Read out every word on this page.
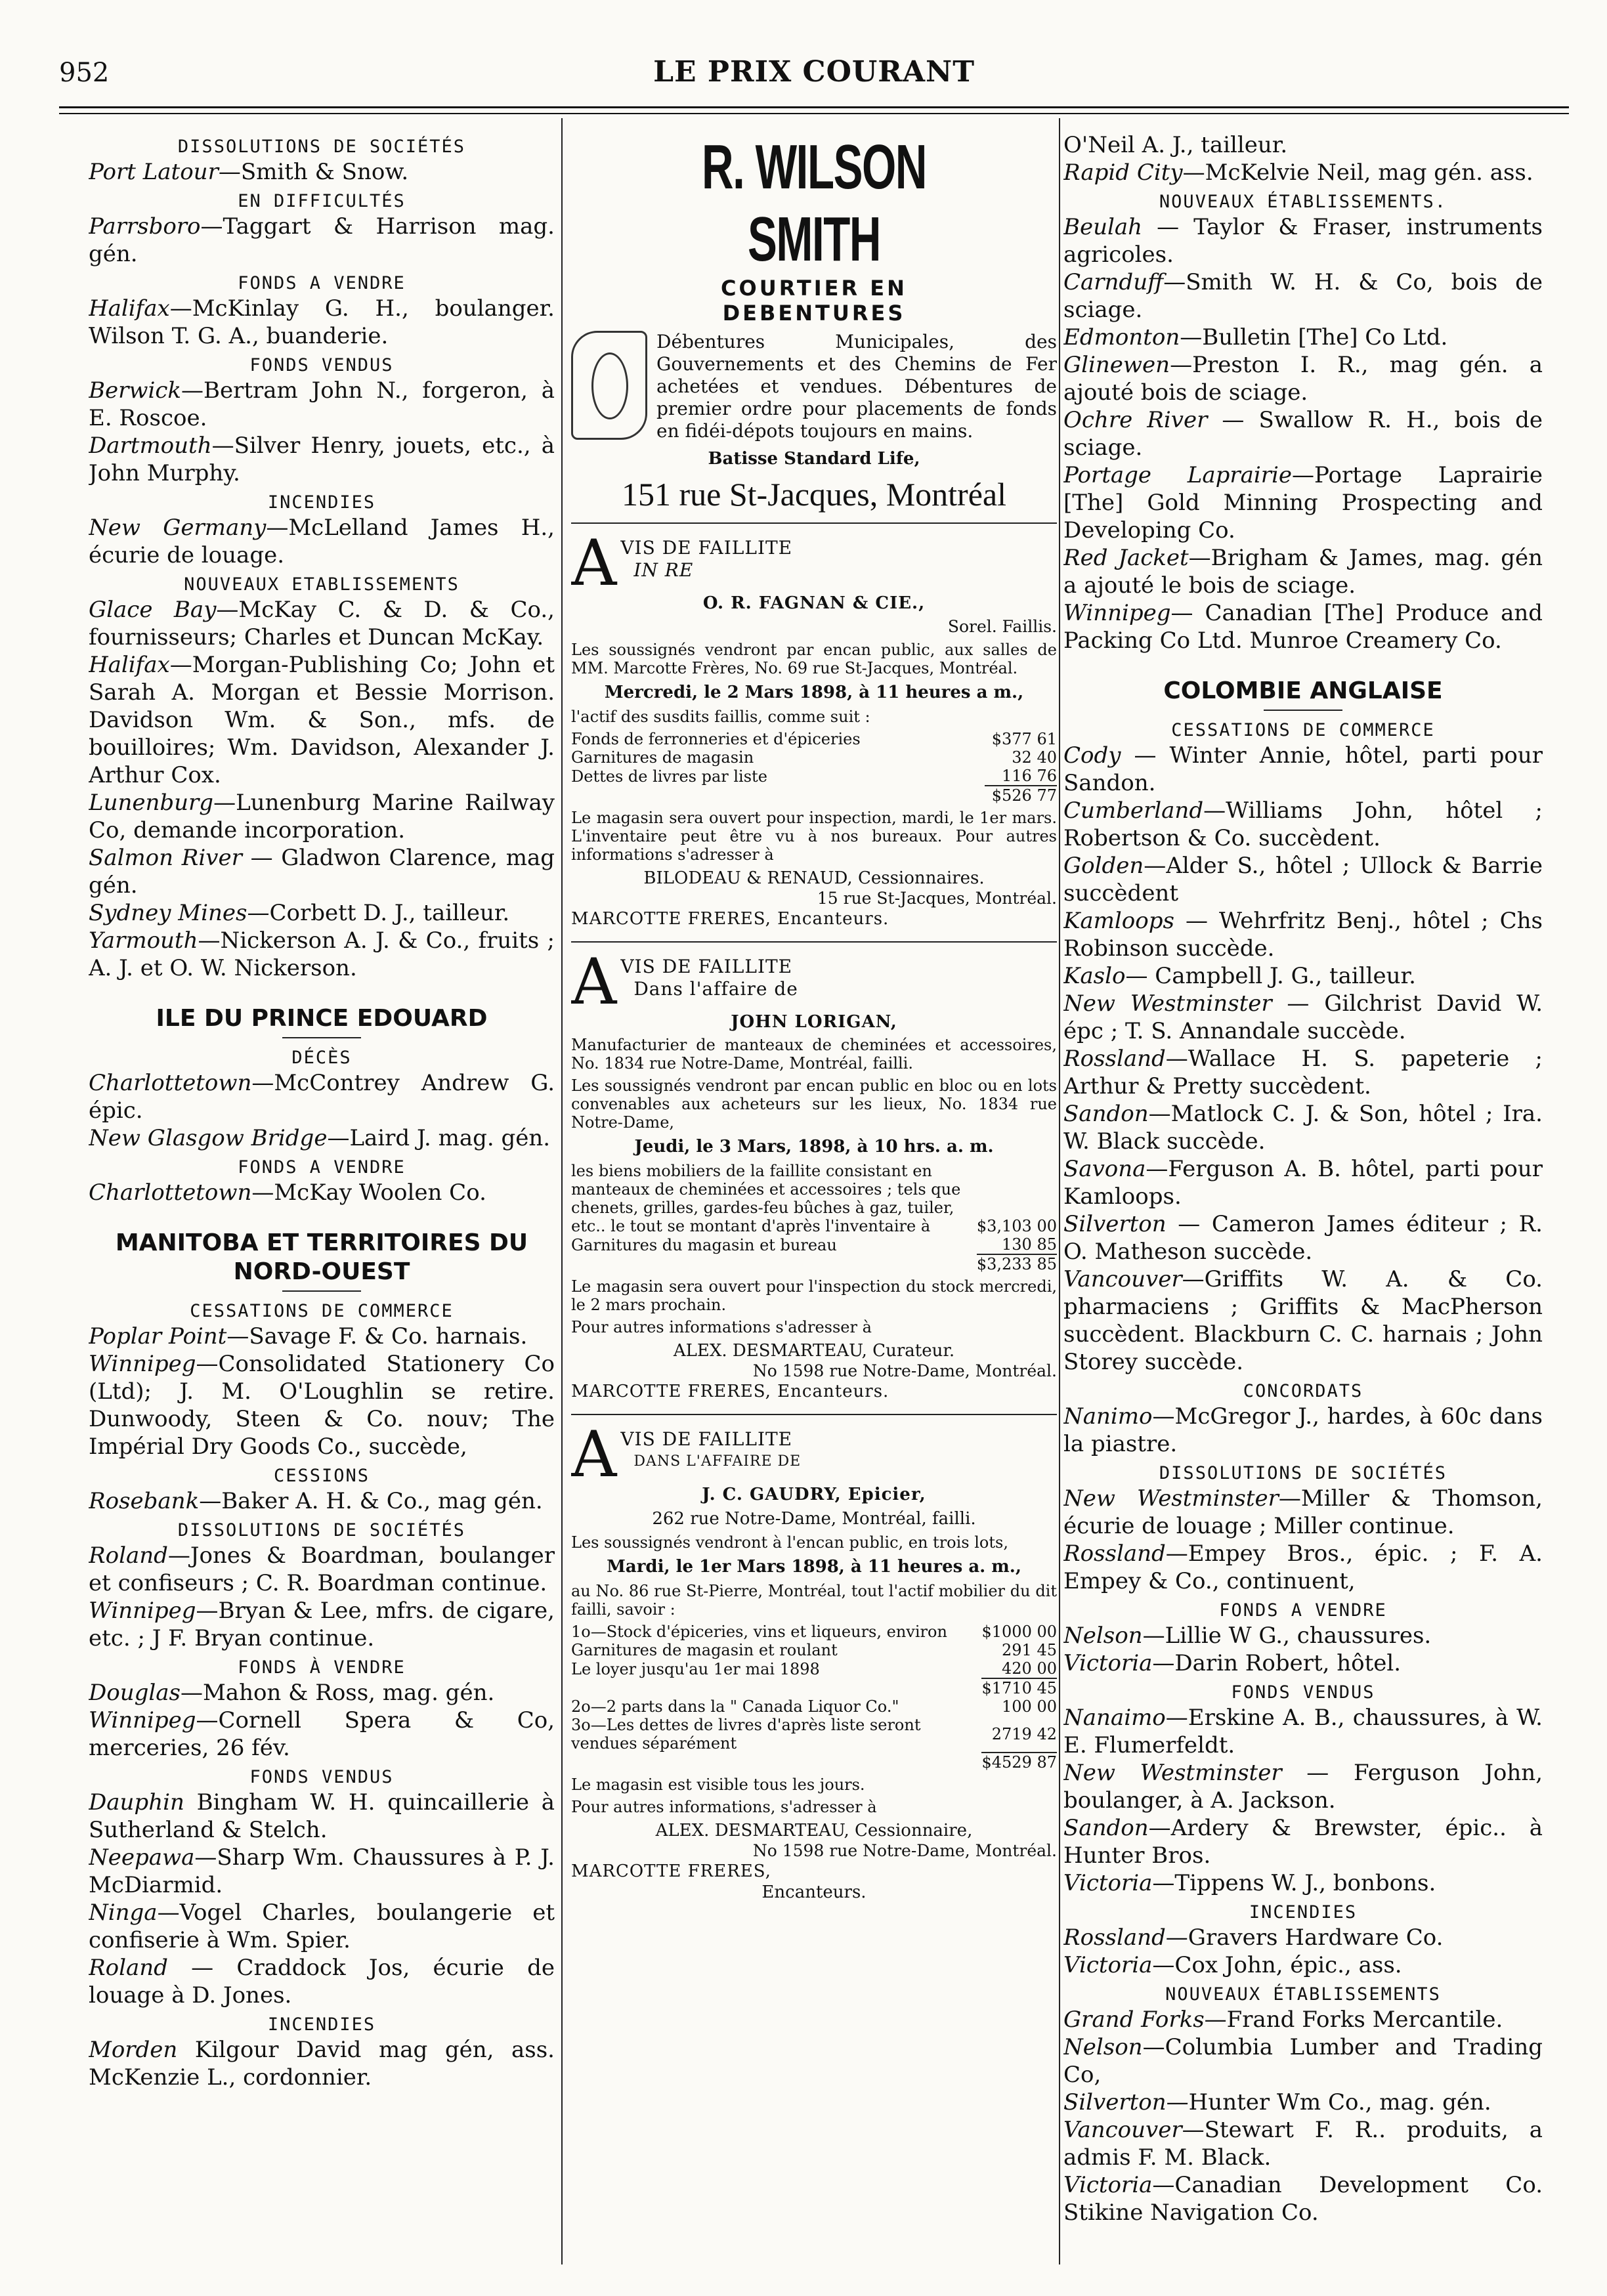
952	LE PRIX COURANT
DISSOLUTIONS DE SOCIÉTÉS
Port Latour—Smith & Snow.
EN DIFFICULTÉS
Parrsboro—Taggart & Harrison mag. gén.
FONDS A VENDRE
Halifax—McKinlay G. H., boulanger. Wilson T. G. A., buanderie.
FONDS VENDUS
Berwick—Bertram John N., forgeron, à E. Roscoe.
Dartmouth—Silver Henry, jouets, etc., à John Murphy.
INCENDIES
New Germany—McLelland James H., écurie de louage.
NOUVEAUX ETABLISSEMENTS
Glace Bay—McKay C. & D. & Co., fournisseurs; Charles et Duncan McKay.
Halifax—Morgan-Publishing Co; John et Sarah A. Morgan et Bessie Morrison. Davidson Wm. & Son., mfs. de bouilloires; Wm. Davidson, Alexander J. Arthur Cox.
Lunenburg—Lunenburg Marine Railway Co, demande incorporation.
Salmon River — Gladwon Clarence, mag gén.
Sydney Mines—Corbett D. J., tailleur.
Yarmouth—Nickerson A. J. & Co., fruits ; A. J. et O. W. Nickerson.
ILE DU PRINCE EDOUARD
DÉCÈS
Charlottetown—McContrey Andrew G. épic.
New Glasgow Bridge—Laird J. mag. gén.
FONDS A VENDRE
Charlottetown—McKay Woolen Co.
MANITOBA ET TERRITOIRES DU NORD-OUEST
CESSATIONS DE COMMERCE
Poplar Point—Savage F. & Co. harnais.
Winnipeg—Consolidated Stationery Co (Ltd); J. M. O'Loughlin se retire. Dunwoody, Steen & Co. nouv; The Impérial Dry Goods Co., succède,
CESSIONS
Rosebank—Baker A. H. & Co., mag gén.
DISSOLUTIONS DE SOCIÉTÉS
Roland—Jones & Boardman, boulanger et confiseurs ; C. R. Boardman continue.
Winnipeg—Bryan & Lee, mfrs. de cigare, etc. ; J F. Bryan continue.
FONDS À VENDRE
Douglas—Mahon & Ross, mag. gén.
Winnipeg—Cornell Spera & Co, merceries, 26 fév.
FONDS VENDUS
Dauphin Bingham W. H. quincaillerie à Sutherland & Stelch.
Neepawa—Sharp Wm. Chaussures à P. J. McDiarmid.
Ninga—Vogel Charles, boulangerie et confiserie à Wm. Spier.
Roland — Craddock Jos, écurie de louage à D. Jones.
INCENDIES
Morden Kilgour David mag gén, ass. McKenzie L., cordonnier.
R. WILSON SMITH
COURTIER EN
DEBENTURES
Débentures Municipales, des Gouvernements et des Chemins de Fer achetées et vendues. Débentures de premier ordre pour placements de fonds en fidéi-dépots toujours en mains.
Batisse Standard Life,
151 rue St-Jacques, Montréal
A VIS DE FAILLITE
IN RE
O. R. FAGNAN & CIE.,
Sorel. Faillis.
Les soussignés vendront par encan public, aux salles de MM. Marcotte Frères, No. 69 rue St-Jacques, Montréal.
Mercredi, le 2 Mars 1898, à 11 heures a m.,
l'actif des susdits faillis, comme suit :
Fonds de ferronneries et d'épiceries	$377 61
Garnitures de magasin	32 40
Dettes de livres par liste	116 76
	$526 77
Le magasin sera ouvert pour inspection, mardi, le 1er mars. L'inventaire peut être vu à nos bureaux. Pour autres informations s'adresser à
BILODEAU & RENAUD, Cessionnaires.
15 rue St-Jacques, Montréal.
MARCOTTE FRERES, Encanteurs.
A VIS DE FAILLITE
Dans l'affaire de
JOHN LORIGAN,
Manufacturier de manteaux de cheminées et accessoires, No. 1834 rue Notre-Dame, Montréal, failli.
Les soussignés vendront par encan public en bloc ou en lots convenables aux acheteurs sur les lieux, No. 1834 rue Notre-Dame,
Jeudi, le 3 Mars, 1898, à 10 hrs. a. m.
les biens mobiliers de la faillite consistant en manteaux de cheminées et accessoires ; tels que chenets, grilles, gardes-feu bûches à gaz, tuiler, etc.. le tout se montant d'après l'inventaire à	$3,103 00
Garnitures du magasin et bureau	130 85
	$3,233 85
Le magasin sera ouvert pour l'inspection du stock mercredi, le 2 mars prochain.
Pour autres informations s'adresser à
ALEX. DESMARTEAU, Curateur.
No 1598 rue Notre-Dame, Montréal.
MARCOTTE FRERES, Encanteurs.
A VIS DE FAILLITE
DANS L'AFFAIRE DE
J. C. GAUDRY, Epicier,
262 rue Notre-Dame, Montréal, failli.
Les soussignés vendront à l'encan public, en trois lots,
Mardi, le 1er Mars 1898, à 11 heures a. m.,
au No. 86 rue St-Pierre, Montréal, tout l'actif mobilier du dit failli, savoir :
1o—Stock d'épiceries, vins et liqueurs, environ	$1000 00
Garnitures de magasin et roulant	291 45
Le loyer jusqu'au 1er mai 1898	420 00
	$1710 45
2o—2 parts dans la " Canada Liquor Co."	100 00
3o—Les dettes de livres d'après liste seront vendues séparément	2719 42
	$4529 87
Le magasin est visible tous les jours.
Pour autres informations, s'adresser à
ALEX. DESMARTEAU, Cessionnaire,
No 1598 rue Notre-Dame, Montréal.
MARCOTTE FRERES,
Encanteurs.
O'Neil A. J., tailleur.
Rapid City—McKelvie Neil, mag gén. ass.
NOUVEAUX ÉTABLISSEMENTS.
Beulah — Taylor & Fraser, instruments agricoles.
Carnduff—Smith W. H. & Co, bois de sciage.
Edmonton—Bulletin [The] Co Ltd.
Glinewen—Preston I. R., mag gén. a ajouté bois de sciage.
Ochre River — Swallow R. H., bois de sciage.
Portage Laprairie—Portage Laprairie [The] Gold Minning Prospecting and Developing Co.
Red Jacket—Brigham & James, mag. gén a ajouté le bois de sciage.
Winnipeg— Canadian [The] Produce and Packing Co Ltd. Munroe Creamery Co.
COLOMBIE ANGLAISE
CESSATIONS DE COMMERCE
Cody — Winter Annie, hôtel, parti pour Sandon.
Cumberland—Williams John, hôtel ; Robertson & Co. succèdent.
Golden—Alder S., hôtel ; Ullock & Barrie succèdent
Kamloops — Wehrfritz Benj., hôtel ; Chs Robinson succède.
Kaslo— Campbell J. G., tailleur.
New Westminster — Gilchrist David W. épc ; T. S. Annandale succède.
Rossland—Wallace H. S. papeterie ; Arthur & Pretty succèdent.
Sandon—Matlock C. J. & Son, hôtel ; Ira. W. Black succède.
Savona—Ferguson A. B. hôtel, parti pour Kamloops.
Silverton — Cameron James éditeur ; R. O. Matheson succède.
Vancouver—Griffits W. A. & Co. pharmaciens ; Griffits & MacPherson succèdent. Blackburn C. C. harnais ; John Storey succède.
CONCORDATS
Nanimo—McGregor J., hardes, à 60c dans la piastre.
DISSOLUTIONS DE SOCIÉTÉS
New Westminster—Miller & Thomson, écurie de louage ; Miller continue.
Rossland—Empey Bros., épic. ; F. A. Empey & Co., continuent,
FONDS A VENDRE
Nelson—Lillie W G., chaussures.
Victoria—Darin Robert, hôtel.
FONDS VENDUS
Nanaimo—Erskine A. B., chaussures, à W. E. Flumerfeldt.
New Westminster — Ferguson John, boulanger, à A. Jackson.
Sandon—Ardery & Brewster, épic.. à Hunter Bros.
Victoria—Tippens W. J., bonbons.
INCENDIES
Rossland—Gravers Hardware Co.
Victoria—Cox John, épic., ass.
NOUVEAUX ÉTABLISSEMENTS
Grand Forks—Frand Forks Mercantile.
Nelson—Columbia Lumber and Trading Co,
Silverton—Hunter Wm Co., mag. gén.
Vancouver—Stewart F. R.. produits, a admis F. M. Black.
Victoria—Canadian Development Co. Stikine Navigation Co.
